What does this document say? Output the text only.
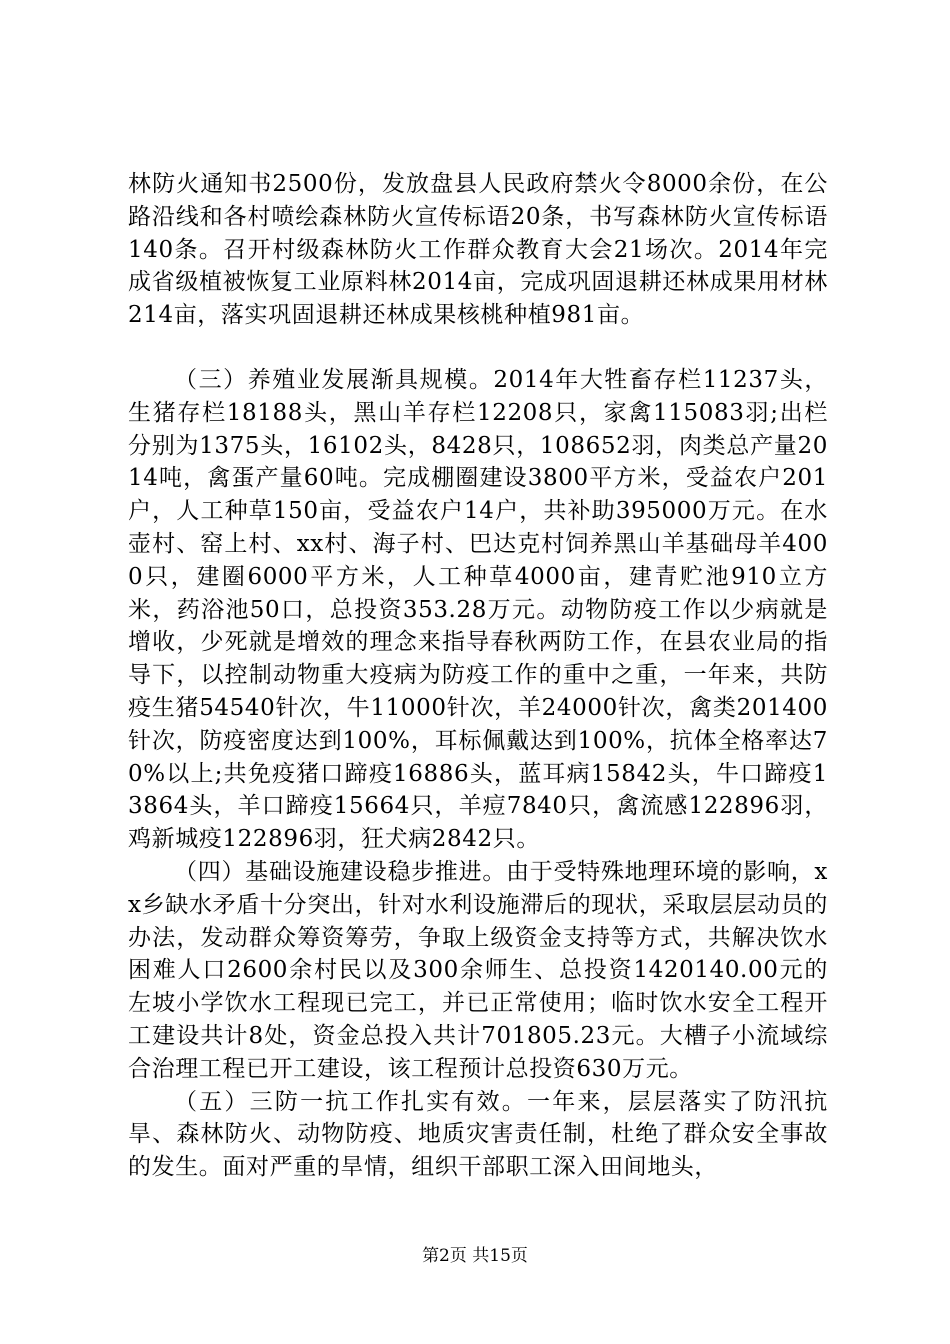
林防火通知书2500份，发放盘县人民政府禁火令8000余份，在公路沿线和各村喷绘森林防火宣传标语20条，书写森林防火宣传标语140条。召开村级森林防火工作群众教育大会21场次。2014年完成省级植被恢复工业原料林2014亩，完成巩固退耕还林成果用材林214亩，落实巩固退耕还林成果核桃种植981亩。

（三）养殖业发展渐具规模。2014年大牲畜存栏11237头，生猪存栏18188头，黑山羊存栏12208只，家禽115083羽;出栏分别为1375头，16102头，8428只，108652羽，肉类总产量2014吨，禽蛋产量60吨。完成棚圈建设3800平方米，受益农户201户，人工种草150亩，受益农户14户，共补助395000万元。在水壶村、窑上村、xx村、海子村、巴达克村饲养黑山羊基础母羊4000只，建圈6000平方米，人工种草4000亩，建青贮池910立方米，药浴池50口，总投资353.28万元。动物防疫工作以少病就是增收，少死就是增效的理念来指导春秋两防工作，在县农业局的指导下，以控制动物重大疫病为防疫工作的重中之重，一年来，共防疫生猪54540针次，牛11000针次，羊24000针次，禽类201400针次，防疫密度达到100%，耳标佩戴达到100%，抗体全格率达70%以上;共免疫猪口蹄疫16886头，蓝耳病15842头，牛口蹄疫13864头，羊口蹄疫15664只，羊痘7840只，禽流感122896羽，鸡新城疫122896羽，狂犬病2842只。

（四）基础设施建设稳步推进。由于受特殊地理环境的影响，xx乡缺水矛盾十分突出，针对水利设施滞后的现状，采取层层动员的办法，发动群众筹资筹劳，争取上级资金支持等方式，共解决饮水困难人口2600余村民以及300余师生、总投资1420140.00元的左坡小学饮水工程现已完工，并已正常使用；临时饮水安全工程开工建设共计8处，资金总投入共计701805.23元。大槽子小流域综合治理工程已开工建设，该工程预计总投资630万元。

（五）三防一抗工作扎实有效。一年来，层层落实了防汛抗旱、森林防火、动物防疫、地质灾害责任制，杜绝了群众安全事故的发生。面对严重的旱情，组织干部职工深入田间地头，

第2页 共15页
